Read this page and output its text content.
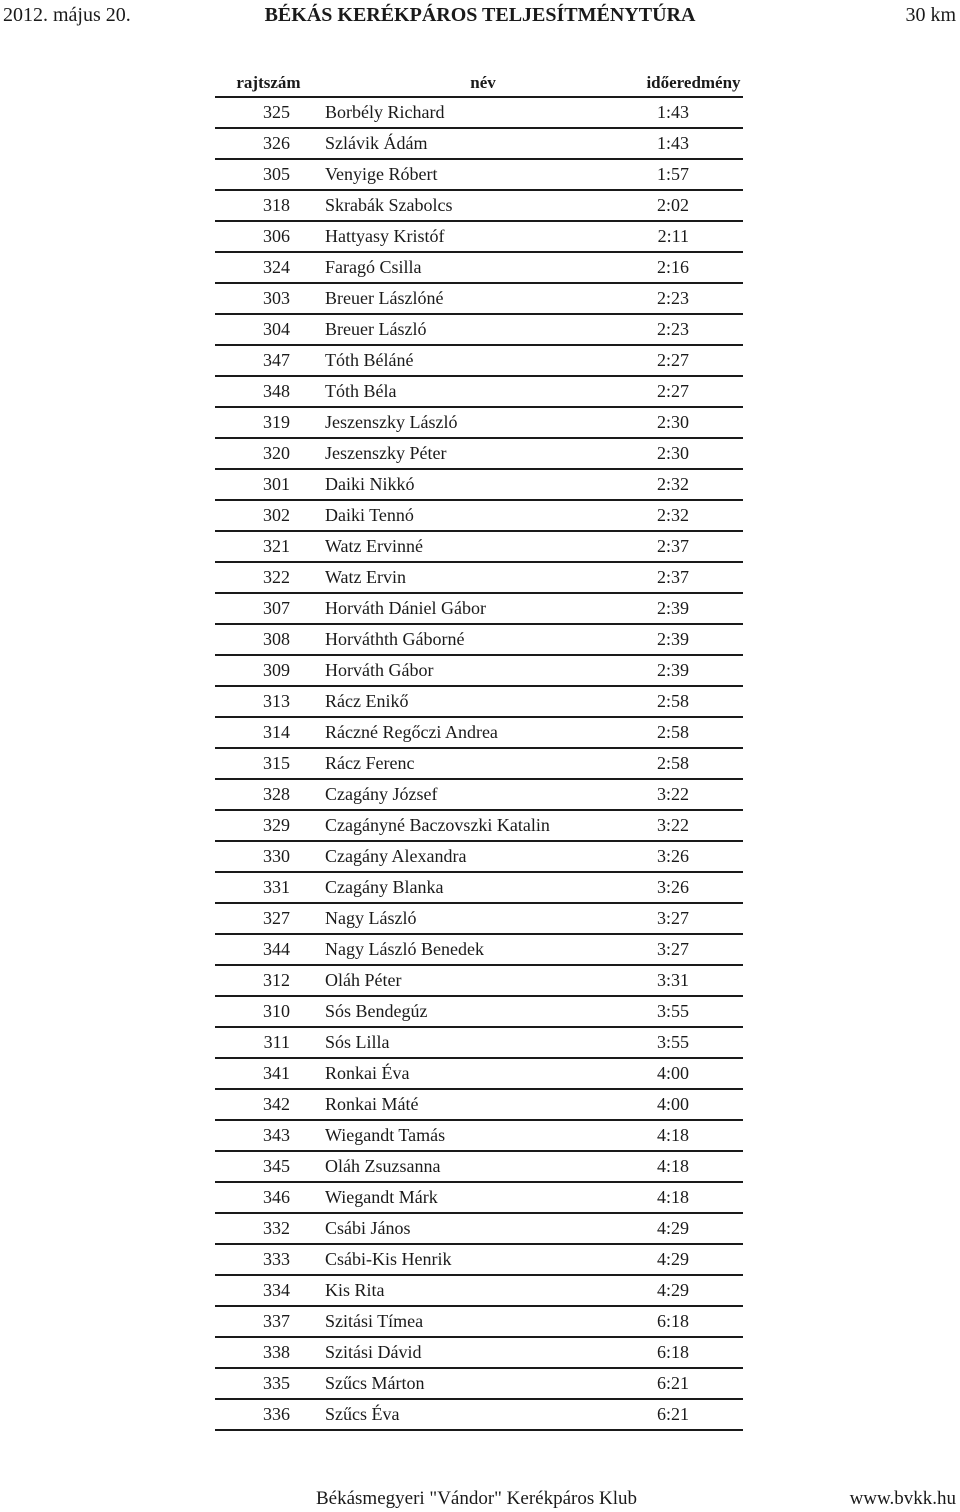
2012. május 20.	BÉKÁS KERÉKPÁROS TELJESÍTMÉNYTÚRA	30 km
rajtszám	név	időeredmény
325	Borbély Richard	1:43
326	Szlávik Ádám	1:43
305	Venyige Róbert	1:57
318	Skrabák Szabolcs	2:02
306	Hattyasy Kristóf	2:11
324	Faragó Csilla	2:16
303	Breuer Lászlóné	2:23
304	Breuer László	2:23
347	Tóth Béláné	2:27
348	Tóth Béla	2:27
319	Jeszenszky László	2:30
320	Jeszenszky Péter	2:30
301	Daiki Nikkó	2:32
302	Daiki Tennó	2:32
321	Watz Ervinné	2:37
322	Watz Ervin	2:37
307	Horváth Dániel Gábor	2:39
308	Horváthth Gáborné	2:39
309	Horváth Gábor	2:39
313	Rácz Enikő	2:58
314	Ráczné Regőczi Andrea	2:58
315	Rácz Ferenc	2:58
328	Czagány József	3:22
329	Czagányné Baczovszki Katalin	3:22
330	Czagány Alexandra	3:26
331	Czagány Blanka	3:26
327	Nagy László	3:27
344	Nagy László Benedek	3:27
312	Oláh Péter	3:31
310	Sós Bendegúz	3:55
311	Sós Lilla	3:55
341	Ronkai Éva	4:00
342	Ronkai Máté	4:00
343	Wiegandt Tamás	4:18
345	Oláh Zsuzsanna	4:18
346	Wiegandt Márk	4:18
332	Csábi János	4:29
333	Csábi-Kis Henrik	4:29
334	Kis Rita	4:29
337	Szitási Tímea	6:18
338	Szitási Dávid	6:18
335	Szűcs Márton	6:21
336	Szűcs Éva	6:21
Békásmegyeri "Vándor" Kerékpáros Klub	www.bvkk.hu
